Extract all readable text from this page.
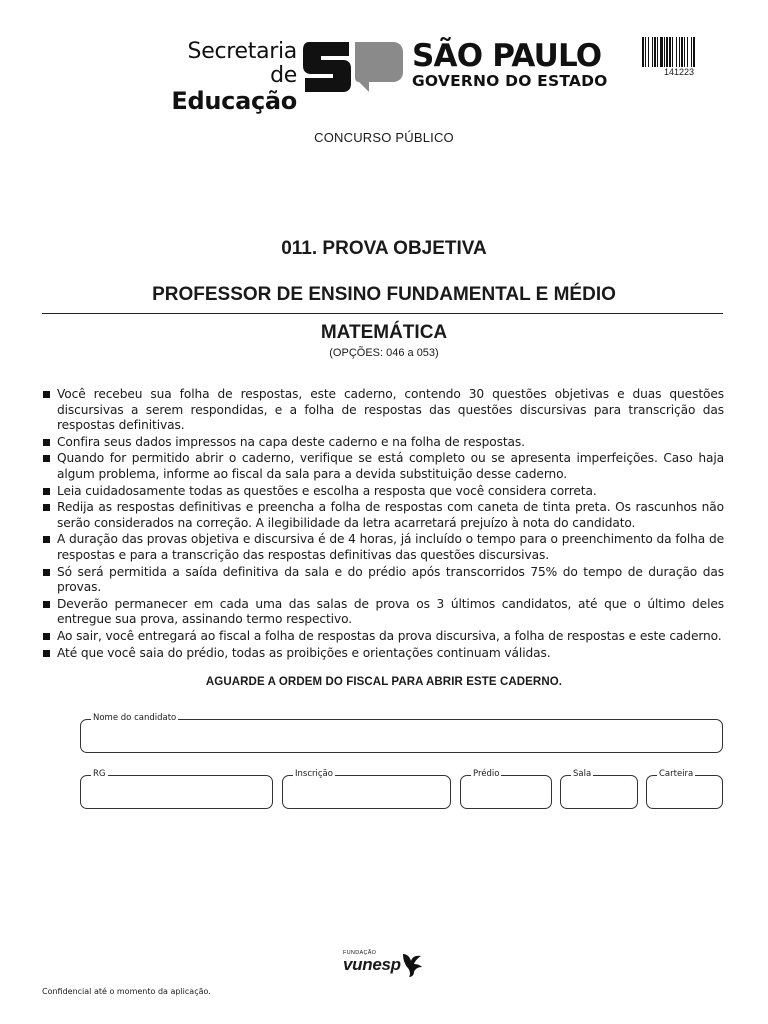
Secretaria de
Educação
SÃO PAULO
GOVERNO DO ESTADO	141223
CONCURSO PÚBLICO
011. PROVA OBJETIVA
PROFESSOR DE ENSINO FUNDAMENTAL E MÉDIO
MATEMÁTICA
(OPÇÕES: 046 a 053)
Você recebeu sua folha de respostas, este caderno, contendo 30 questões objetivas e duas questões discursivas a serem respondidas, e a folha de respostas das questões discursivas para transcrição das respostas definitivas.
Confira seus dados impressos na capa deste caderno e na folha de respostas.
Quando for permitido abrir o caderno, verifique se está completo ou se apresenta imperfeições. Caso haja algum problema, informe ao fiscal da sala para a devida substituição desse caderno.
Leia cuidadosamente todas as questões e escolha a resposta que você considera correta.
Redija as respostas definitivas e preencha a folha de respostas com caneta de tinta preta. Os rascunhos não serão considerados na correção. A ilegibilidade da letra acarretará prejuízo à nota do candidato.
A duração das provas objetiva e discursiva é de 4 horas, já incluído o tempo para o preenchimento da folha de respostas e para a transcrição das respostas definitivas das questões discursivas.
Só será permitida a saída definitiva da sala e do prédio após transcorridos 75% do tempo de duração das provas.
Deverão permanecer em cada uma das salas de prova os 3 últimos candidatos, até que o último deles entregue sua prova, assinando termo respectivo.
Ao sair, você entregará ao fiscal a folha de respostas da prova discursiva, a folha de respostas e este caderno.
Até que você saia do prédio, todas as proibições e orientações continuam válidas.
AGUARDE A ORDEM DO FISCAL PARA ABRIR ESTE CADERNO.
Nome do candidato
RG	Inscrição	Prédio	Sala	Carteira
FUNDAÇÃO
vunesp
Confidencial até o momento da aplicação.
